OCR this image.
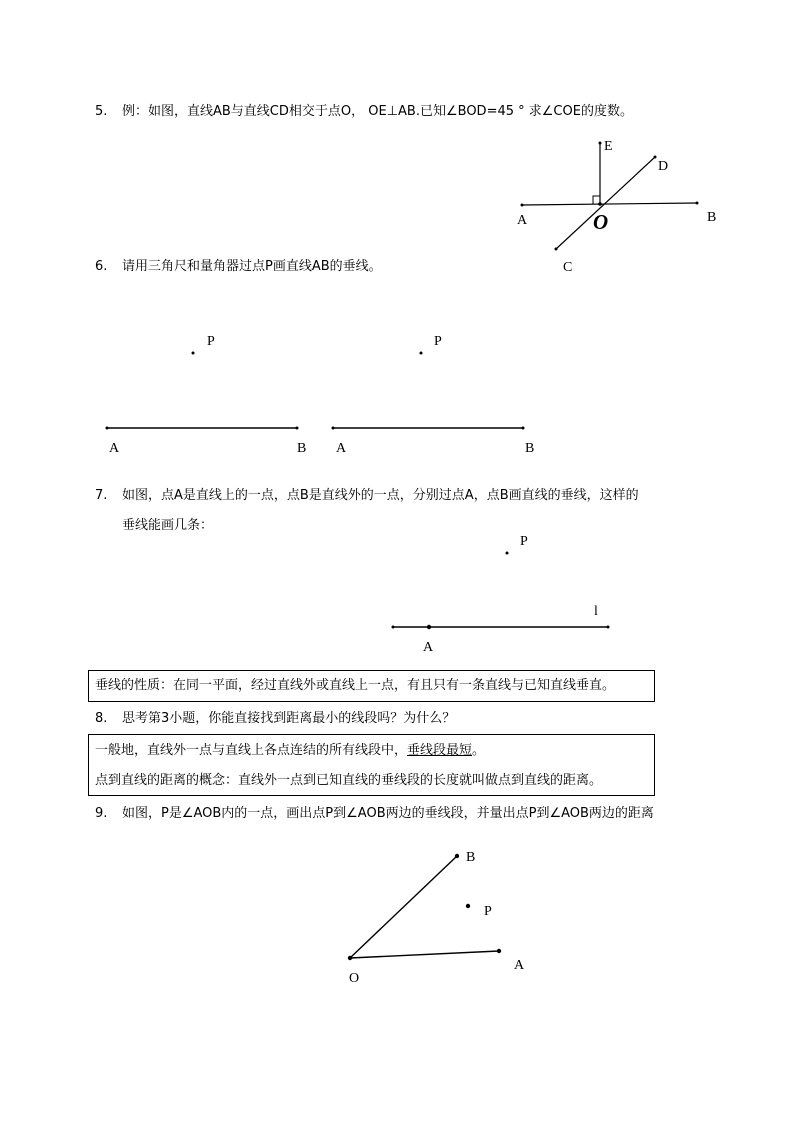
5. 例：如图，直线AB与直线CD相交于点O， OE⊥AB.已知∠BOD=45 ° 求∠COE的度数。
E
D
A	O	B
C
6. 请用三角尺和量角器过点P画直线AB的垂线。
P
A	B
P
A	B
7. 如图，点A是直线上的一点，点B是直线外的一点，分别过点A，点B画直线的垂线，这样的
垂线能画几条：
P
l
A
垂线的性质：在同一平面，经过直线外或直线上一点，有且只有一条直线与已知直线垂直。
8. 思考第3小题，你能直接找到距离最小的线段吗？为什么？
一般地，直线外一点与直线上各点连结的所有线段中，垂线段最短。
点到直线的距离的概念：直线外一点到已知直线的垂线段的长度就叫做点到直线的距离。
9. 如图，P是∠AOB内的一点，画出点P到∠AOB两边的垂线段，并量出点P到∠AOB两边的距离
B
P
O
A
